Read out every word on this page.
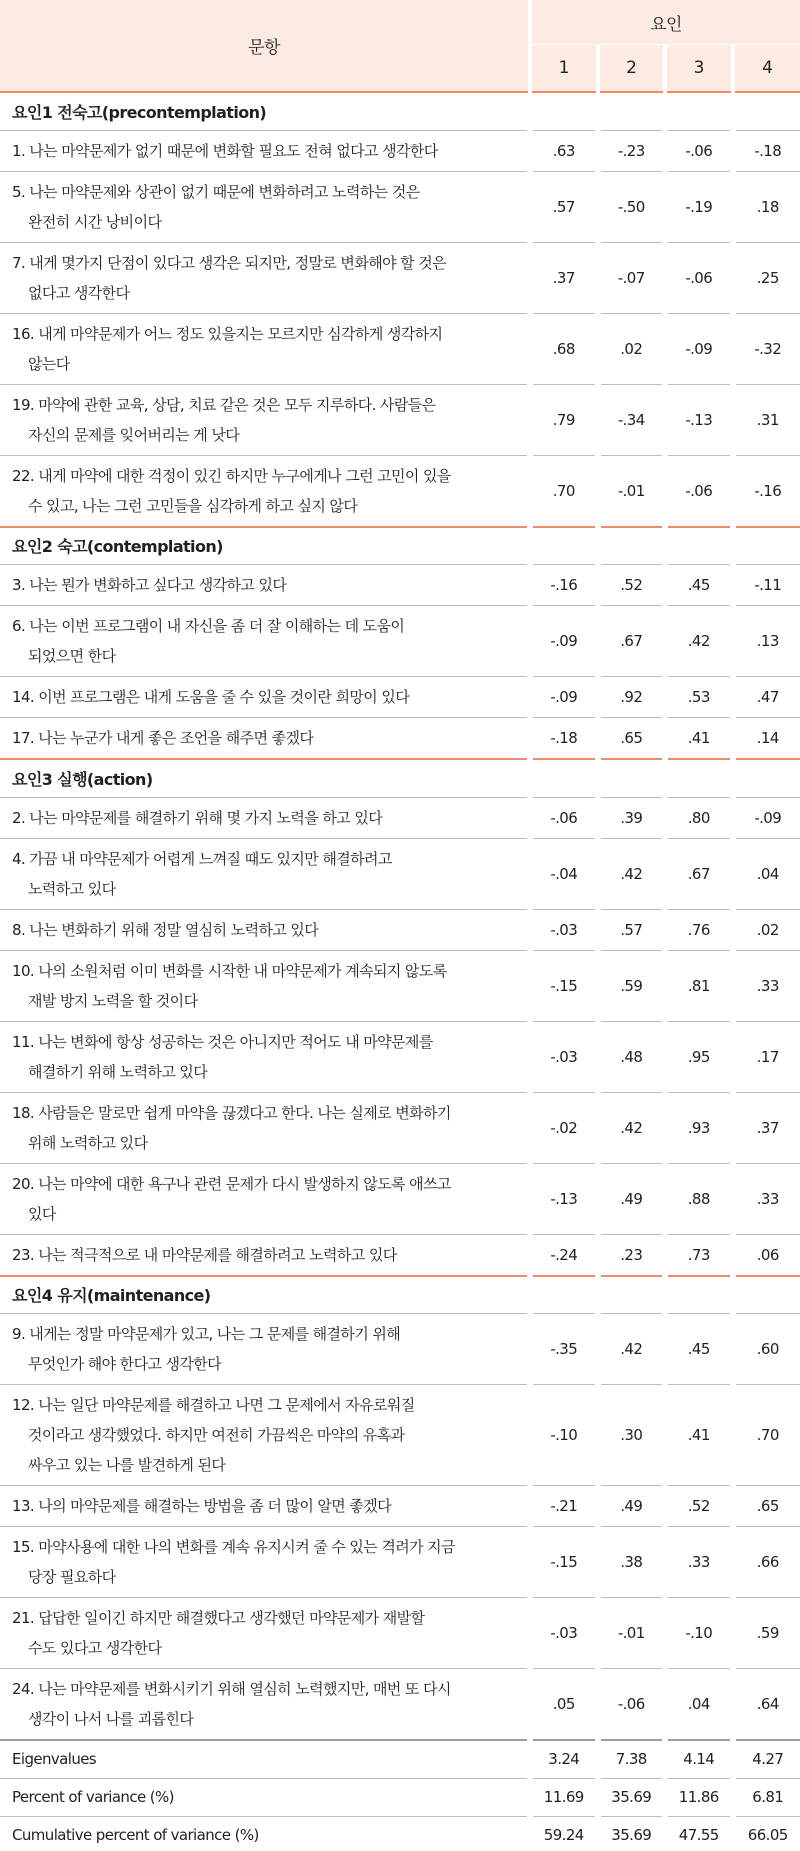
문항	요인			
	1	2	3	4
요인1 전숙고(precontemplation)				

1. 나는 마약문제가 없기 때문에 변화할 필요도 전혀 없다고 생각한다	.63	-.23	-.06	-.18

5. 나는 마약문제와 상관이 없기 때문에 변화하려고 노력하는 것은
완전히 시간 낭비이다	.57	-.50	-.19	.18

7. 내게 몇가지 단점이 있다고 생각은 되지만, 정말로 변화해야 할 것은
없다고 생각한다	.37	-.07	-.06	.25

16. 내게 마약문제가 어느 정도 있을지는 모르지만 심각하게 생각하지
않는다	.68	.02	-.09	-.32

19. 마약에 관한 교육, 상담, 치료 같은 것은 모두 지루하다. 사람들은
자신의 문제를 잊어버리는 게 낫다	.79	-.34	-.13	.31

22. 내게 마약에 대한 걱정이 있긴 하지만 누구에게나 그런 고민이 있을
수 있고, 나는 그런 고민들을 심각하게 하고 싶지 않다	.70	-.01	-.06	-.16
요인2 숙고(contemplation)				

3. 나는 뭔가 변화하고 싶다고 생각하고 있다	-.16	.52	.45	-.11

6. 나는 이번 프로그램이 내 자신을 좀 더 잘 이해하는 데 도움이
되었으면 한다	-.09	.67	.42	.13

14. 이번 프로그램은 내게 도움을 줄 수 있을 것이란 희망이 있다	-.09	.92	.53	.47

17. 나는 누군가 내게 좋은 조언을 해주면 좋겠다	-.18	.65	.41	.14
요인3 실행(action)				

2. 나는 마약문제를 해결하기 위해 몇 가지 노력을 하고 있다	-.06	.39	.80	-.09

4. 가끔 내 마약문제가 어렵게 느껴질 때도 있지만 해결하려고
노력하고 있다	-.04	.42	.67	.04

8. 나는 변화하기 위해 정말 열심히 노력하고 있다	-.03	.57	.76	.02

10. 나의 소원처럼 이미 변화를 시작한 내 마약문제가 계속되지 않도록
재발 방지 노력을 할 것이다	-.15	.59	.81	.33

11. 나는 변화에 항상 성공하는 것은 아니지만 적어도 내 마약문제를
해결하기 위해 노력하고 있다	-.03	.48	.95	.17

18. 사람들은 말로만 쉽게 마약을 끊겠다고 한다. 나는 실제로 변화하기
위해 노력하고 있다	-.02	.42	.93	.37

20. 나는 마약에 대한 욕구나 관련 문제가 다시 발생하지 않도록 애쓰고
있다	-.13	.49	.88	.33

23. 나는 적극적으로 내 마약문제를 해결하려고 노력하고 있다	-.24	.23	.73	.06
요인4 유지(maintenance)				

9. 내게는 정말 마약문제가 있고, 나는 그 문제를 해결하기 위해
무엇인가 해야 한다고 생각한다	-.35	.42	.45	.60

12. 나는 일단 마약문제를 해결하고 나면 그 문제에서 자유로워질
것이라고 생각했었다. 하지만 여전히 가끔씩은 마약의 유혹과
싸우고 있는 나를 발견하게 된다	-.10	.30	.41	.70

13. 나의 마약문제를 해결하는 방법을 좀 더 많이 알면 좋겠다	-.21	.49	.52	.65

15. 마약사용에 대한 나의 변화를 계속 유지시켜 줄 수 있는 격려가 지금
당장 필요하다	-.15	.38	.33	.66

21. 답답한 일이긴 하지만 해결했다고 생각했던 마약문제가 재발할
수도 있다고 생각한다	-.03	-.01	-.10	.59

24. 나는 마약문제를 변화시키기 위해 열심히 노력했지만, 매번 또 다시
생각이 나서 나를 괴롭힌다	.05	-.06	.04	.64
Eigenvalues	3.24	7.38	4.14	4.27
Percent of variance (%)	11.69	35.69	11.86	6.81
Cumulative percent of variance (%)	59.24	35.69	47.55	66.05
